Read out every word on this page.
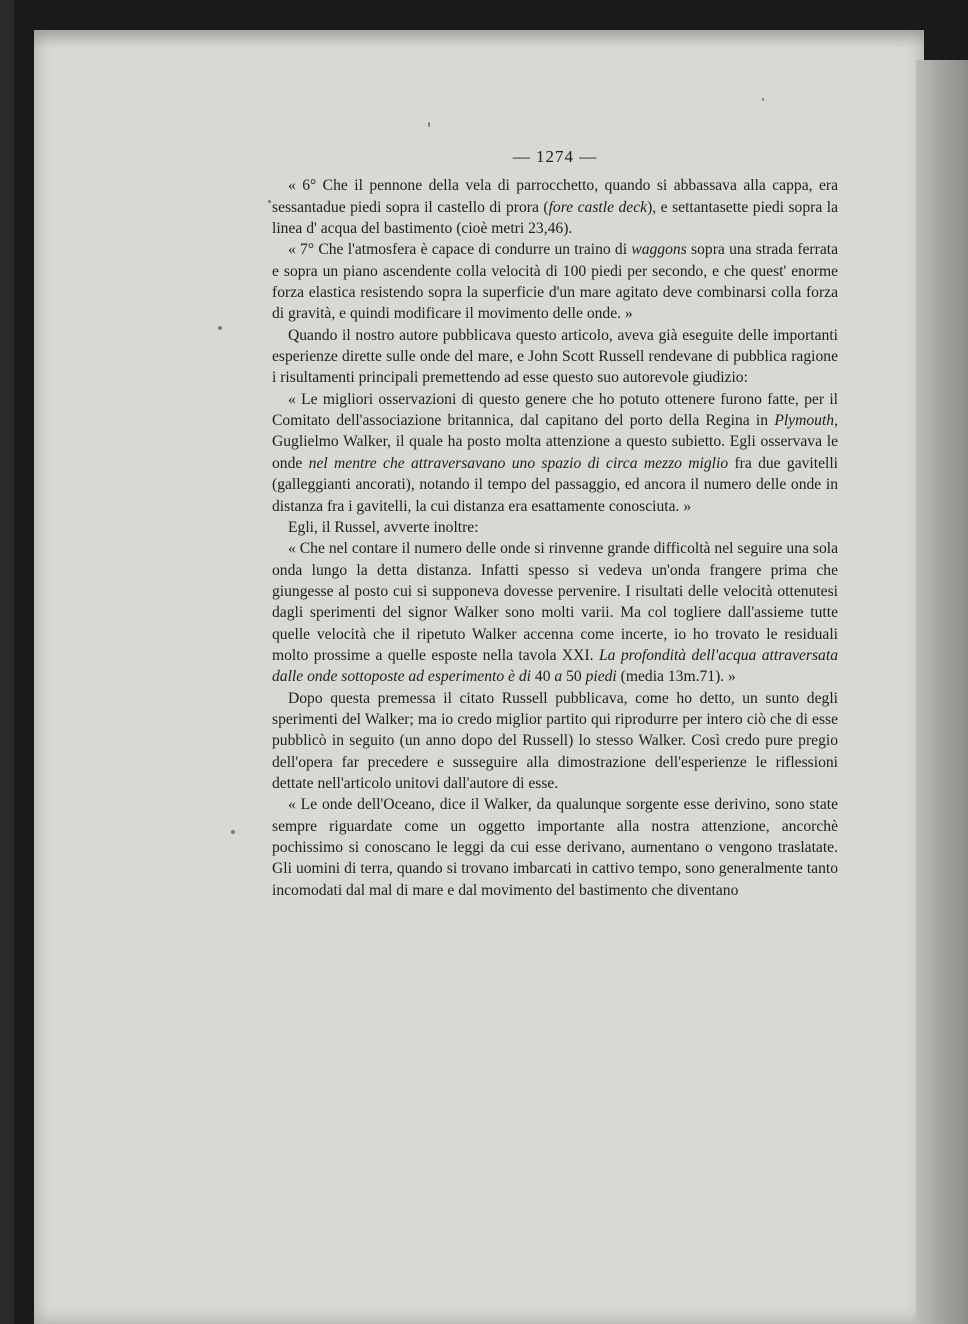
— 1274 —

« 6° Che il pennone della vela di parrocchetto, quando si abbassava alla cappa, era sessantadue piedi sopra il castello di prora (fore castle deck), e settantasette piedi sopra la linea d' acqua del bastimento (cioè metri 23,46).

« 7° Che l'atmosfera è capace di condurre un traino di waggons sopra una strada ferrata e sopra un piano ascendente colla velocità di 100 piedi per secondo, e che quest' enorme forza elastica resistendo sopra la superficie d'un mare agitato deve combinarsi colla forza di gravità, e quindi modificare il movimento delle onde. »

Quando il nostro autore pubblicava questo articolo, aveva già eseguite delle importanti esperienze dirette sulle onde del mare, e John Scott Russell rendevane di pubblica ragione i risultamenti principali premettendo ad esse questo suo autorevole giudizio:

« Le migliori osservazioni di questo genere che ho potuto ottenere furono fatte, per il Comitato dell'associazione britannica, dal capitano del porto della Regina in Plymouth, Guglielmo Walker, il quale ha posto molta attenzione a questo subietto. Egli osservava le onde nel mentre che attraversavano uno spazio di circa mezzo miglio fra due gavitelli (galleggianti ancorati), notando il tempo del passaggio, ed ancora il numero delle onde in distanza fra i gavitelli, la cui distanza era esattamente conosciuta. »

Egli, il Russel, avverte inoltre:

« Che nel contare il numero delle onde si rinvenne grande difficoltà nel seguire una sola onda lungo la detta distanza. Infatti spesso si vedeva un'onda frangere prima che giungesse al posto cui si supponeva dovesse pervenire. I risultati delle velocità ottenutesi dagli sperimenti del signor Walker sono molti varii. Ma col togliere dall'assieme tutte quelle velocità che il ripetuto Walker accenna come incerte, io ho trovato le residuali molto prossime a quelle esposte nella tavola XXI. La profondità dell'acqua attraversata dalle onde sottoposte ad esperimento è di 40 a 50 piedi (media 13m.71). »

Dopo questa premessa il citato Russell pubblicava, come ho detto, un sunto degli sperimenti del Walker; ma io credo miglior partito qui riprodurre per intero ciò che di esse pubblicò in seguito (un anno dopo del Russell) lo stesso Walker. Così credo pure pregio dell'opera far precedere e susseguire alla dimostrazione dell'esperienze le riflessioni dettate nell'articolo unitovi dall'autore di esse.

« Le onde dell'Oceano, dice il Walker, da qualunque sorgente esse derivino, sono state sempre riguardate come un oggetto importante alla nostra attenzione, ancorchè pochissimo si conoscano le leggi da cui esse derivano, aumentano o vengono traslatate. Gli uomini di terra, quando si trovano imbarcati in cattivo tempo, sono generalmente tanto incomodati dal mal di mare e dal movimento del bastimento che diventano
